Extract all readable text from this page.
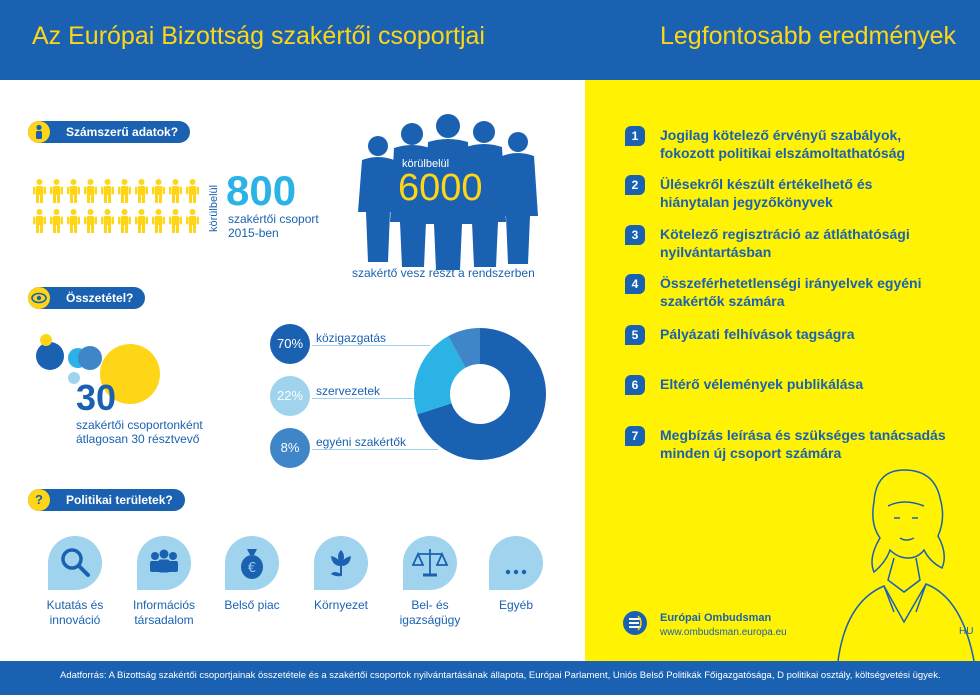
Az Európai Bizottság szakértői csoportjai	Legfontosabb eredmények
Számszerű adatok?
körülbelül 800
szakértői csoport
2015-ben
körülbelül
6000
szakértő vesz részt a rendszerben
Összetétel?
30
szakértői csoportonként
átlagosan 30 résztvevő
70%	közigazgatás
22%	szervezetek
8%	egyéni szakértők
Politikai területek?
?
€
Kutatás és
innováció
Információs
társadalom
Belső piac	Környezet	Bel- és
igazságügy
Egyéb
1	Jogilag kötelező érvényű szabályok,
fokozott politikai elszámoltathatóság
2	Ülésekről készült értékelhető és
hiánytalan jegyzőkönyvek
3	Kötelező regisztráció az átláthatósági
nyilvántartásban
4	Összeférhetetlenségi irányelvek egyéni
szakértők számára
5	Pályázati felhívások tagságra
6	Eltérő vélemények publikálása
7	Megbízás leírása és szükséges tanácsadás
minden új csoport számára
Európai Ombudsman
www.ombudsman.europa.eu	HU
Adatforrás: A Bizottság szakértői csoportjainak összetétele és a szakértői csoportok nyilvántartásának állapota, Európai Parlament, Uniós Belső Politikák Főigazgatósága, D politikai osztály, költségvetési ügyek.
